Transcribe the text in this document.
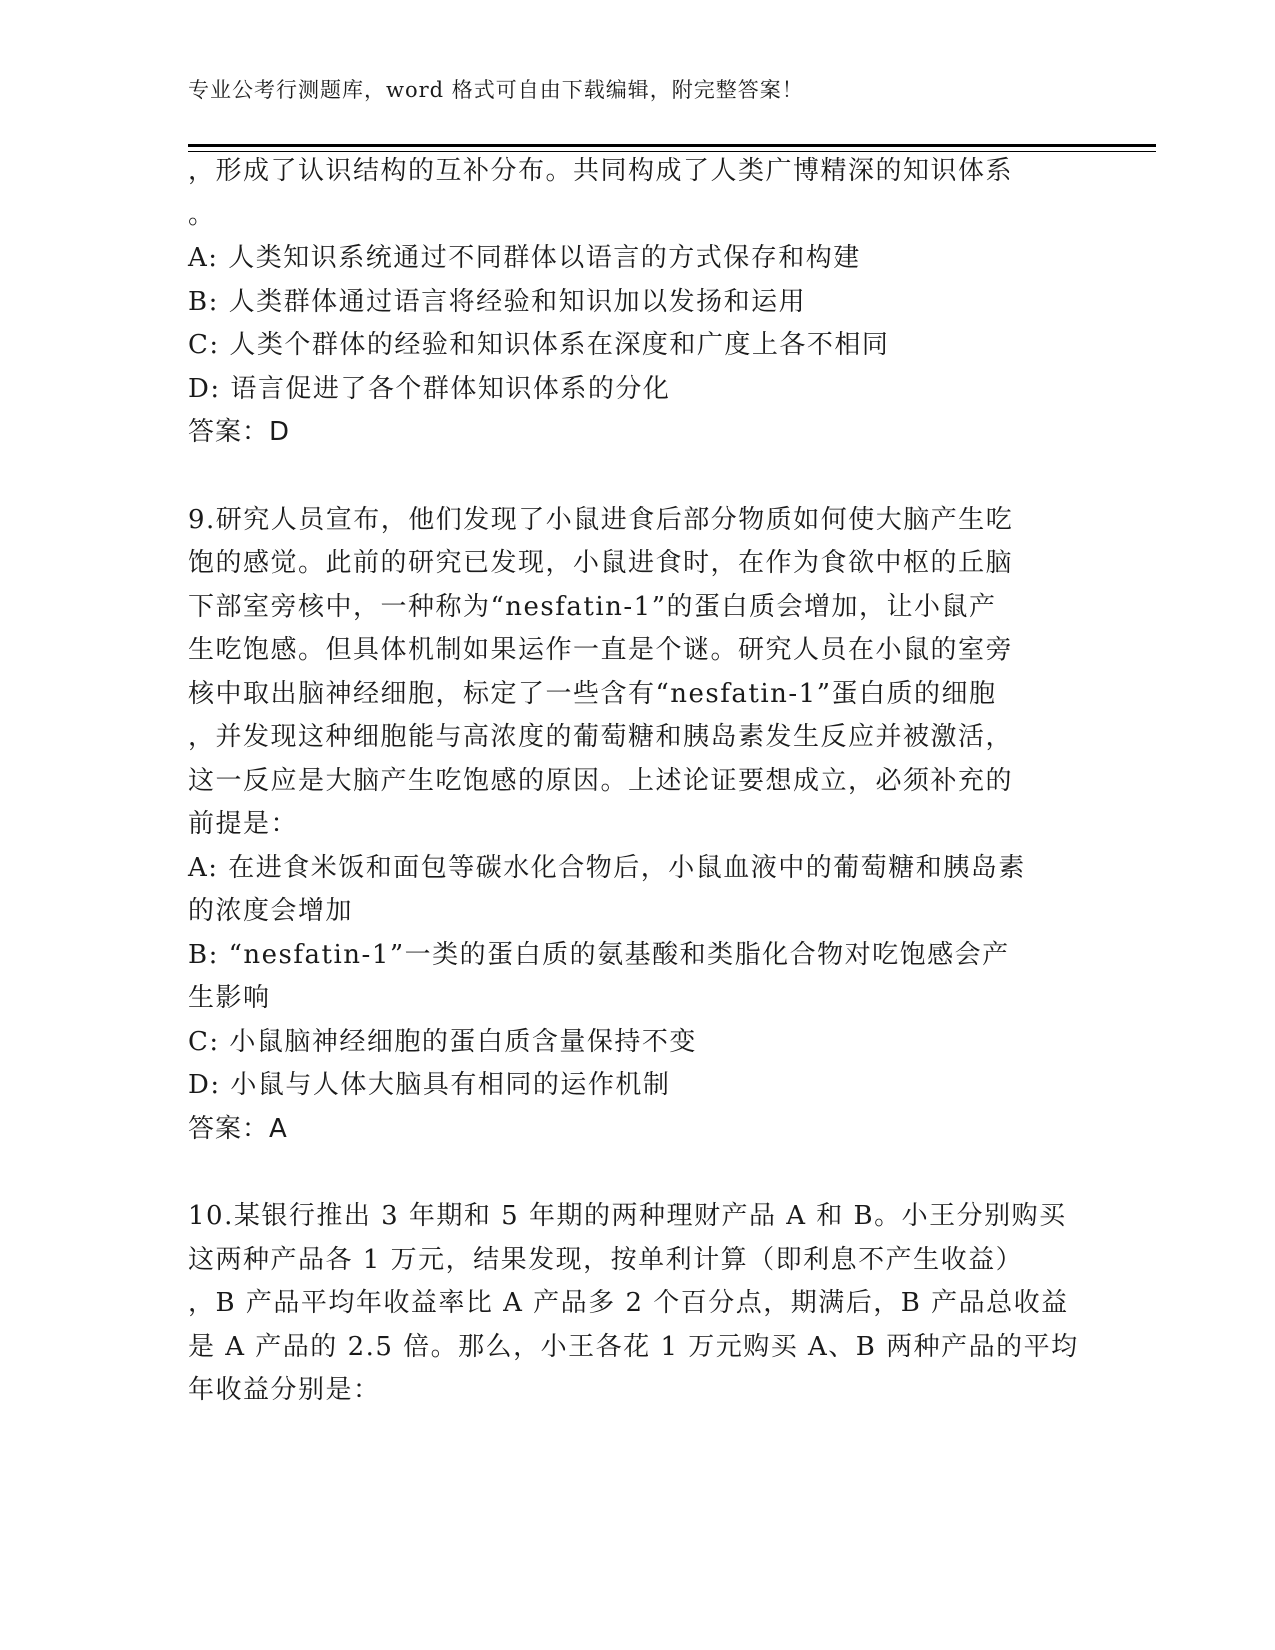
专业公考行测题库，word 格式可自由下载编辑，附完整答案！
，形成了认识结构的互补分布。共同构成了人类广博精深的知识体系
。
A: 人类知识系统通过不同群体以语言的方式保存和构建
B: 人类群体通过语言将经验和知识加以发扬和运用
C: 人类个群体的经验和知识体系在深度和广度上各不相同
D: 语言促进了各个群体知识体系的分化
答案：D
9.研究人员宣布，他们发现了小鼠进食后部分物质如何使大脑产生吃
饱的感觉。此前的研究已发现，小鼠进食时，在作为食欲中枢的丘脑
下部室旁核中，一种称为“nesfatin-1”的蛋白质会增加，让小鼠产
生吃饱感。但具体机制如果运作一直是个谜。研究人员在小鼠的室旁
核中取出脑神经细胞，标定了一些含有“nesfatin-1”蛋白质的细胞
，并发现这种细胞能与高浓度的葡萄糖和胰岛素发生反应并被激活，
这一反应是大脑产生吃饱感的原因。上述论证要想成立，必须补充的
前提是：
A: 在进食米饭和面包等碳水化合物后，小鼠血液中的葡萄糖和胰岛素
的浓度会增加
B: “nesfatin-1”一类的蛋白质的氨基酸和类脂化合物对吃饱感会产
生影响
C: 小鼠脑神经细胞的蛋白质含量保持不变
D: 小鼠与人体大脑具有相同的运作机制
答案：A
10.某银行推出 3 年期和 5 年期的两种理财产品 A 和 B。小王分别购买
这两种产品各 1 万元，结果发现，按单利计算（即利息不产生收益）
，B 产品平均年收益率比 A 产品多 2 个百分点，期满后，B 产品总收益
是 A 产品的 2.5 倍。那么，小王各花 1 万元购买 A、B 两种产品的平均
年收益分别是：
